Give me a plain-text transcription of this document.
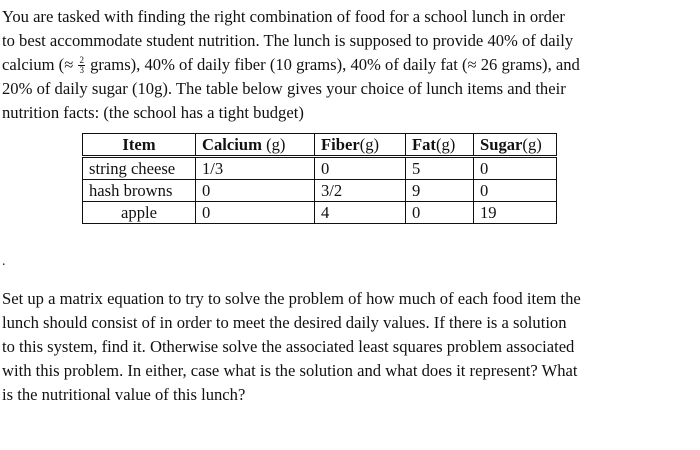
You are tasked with finding the right combination of food for a school lunch in order
to best accommodate student nutrition. The lunch is supposed to provide 40% of daily
calcium (≈ $\frac{2}{3}$ grams), 40% of daily fiber (10 grams), 40% of daily fat (≈ 26 grams), and
20% of daily sugar (10g). The table below gives your choice of lunch items and their
nutrition facts: (the school has a tight budget)

Item	Calcium (g)	Fiber(g)	Fat(g)	Sugar(g)
string cheese	1/3	0	5	0
hash browns	0	3/2	9	0
apple	0	4	0	19
.

Set up a matrix equation to try to solve the problem of how much of each food item the
lunch should consist of in order to meet the desired daily values. If there is a solution
to this system, find it. Otherwise solve the associated least squares problem associated
with this problem. In either, case what is the solution and what does it represent? What
is the nutritional value of this lunch?
